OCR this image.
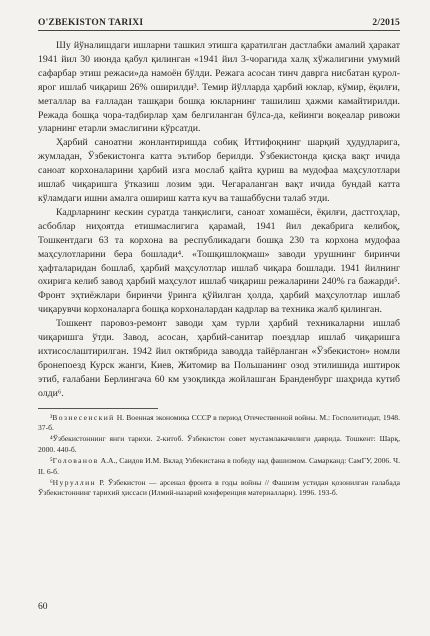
O'ZBEKISTON TARIXI	2/2015

Шу йўналишдаги ишларни ташкил этишга қаратилган дастлабки амалий ҳаракат 1941 йил 30 июнда қабул қилинган «1941 йил 3-чорагида халқ хўжалигини умумий сафарбар этиш режаси»да намоён бўлди. Режага асосан тинч даврга нисбатан қурол-ярог ишлаб чиқариш 26% оширилди³. Темир йўлларда ҳарбий юклар, кўмир, ёқилғи, металлар ва ғалладан ташқари бошқа юкларнинг ташилиш ҳажми камайтирилди. Режада бошқа чора-тадбирлар ҳам белгиланган бўлса-да, кейинги воқеалар ривожи уларнинг етарли эмаслигини кўрсатди.

Ҳарбий саноатни жонлантиришда собиқ Иттифоқнинг шарқий ҳудудларига, жумладан, Ўзбекистонга катта эътибор берилди. Ўзбекистонда қисқа вақт ичида саноат корхоналарини ҳарбий изга мослаб қайта қуриш ва мудофаа маҳсулотлари ишлаб чиқаришга ўтказиш лозим эди. Чегараланган вақт ичида бундай катта кўламдаги ишни амалга ошириш катта куч ва ташаббусни талаб этди.

Кадрларнинг кескин суратда танқислиги, саноат хомашёси, ёқилғи, дастгоҳлар, асбоблар ниҳоятда етишмаслигига қарамай, 1941 йил декабрига келибоқ, Тошкентдаги 63 та корхона ва республикадаги бошқа 230 та корхона мудофаа маҳсулотларини бера бошлади⁴. «Тошқишлоқмаш» заводи урушнинг биринчи ҳафталаридан бошлаб, ҳарбий маҳсулотлар ишлаб чиқара бошлади. 1941 йилнинг охирига келиб завод ҳарбий маҳсулот ишлаб чиқариш режаларини 240% га бажарди⁵. Фронт эҳтиёжлари биринчи ўринга қўйилган ҳолда, ҳарбий маҳсулотлар ишлаб чиқарувчи корхоналарга бошқа корхоналардан кадрлар ва техника жалб қилинган.

Тошкент паровоз-ремонт заводи ҳам турли ҳарбий техникаларни ишлаб чиқаришга ўтди. Завод, асосан, ҳарбий-санитар поездлар ишлаб чиқаришга ихтисослаштирилган. 1942 йил октябрида заводда тайёрланган «Ўзбекистон» номли бронепоезд Курск жанги, Киев, Житомир ва Польшанинг озод этилишида иштирок этиб, ғалабани Берлингача 60 км узоқликда жойлашган Бранденбург шаҳрида кутиб олди⁶.

³Вознесенский Н. Военная экономика СССР в период Отечественной войны. М.: Госполитиздат, 1948. 37-б.

⁴Ўзбекистоннинг янги тарихи. 2-китоб. Ўзбекистон совет мустамлакачилиги даврида. Тошкент: Шарқ, 2000. 440-б.

⁵Голованов А.А., Саидов И.М. Вклад Узбекистана в победу над фашизмом. Самарканд: СамГУ, 2006. Ч. II. 6-б.

⁶Нуруллин Р. Ўзбекистон — арсенал фронта в годы войны // Фашизм устидан қозонилган ғалабада Ўзбекистоннинг тарихий ҳиссаси (Илмий-назарий конференция материаллари). 1996. 193-б.

60
